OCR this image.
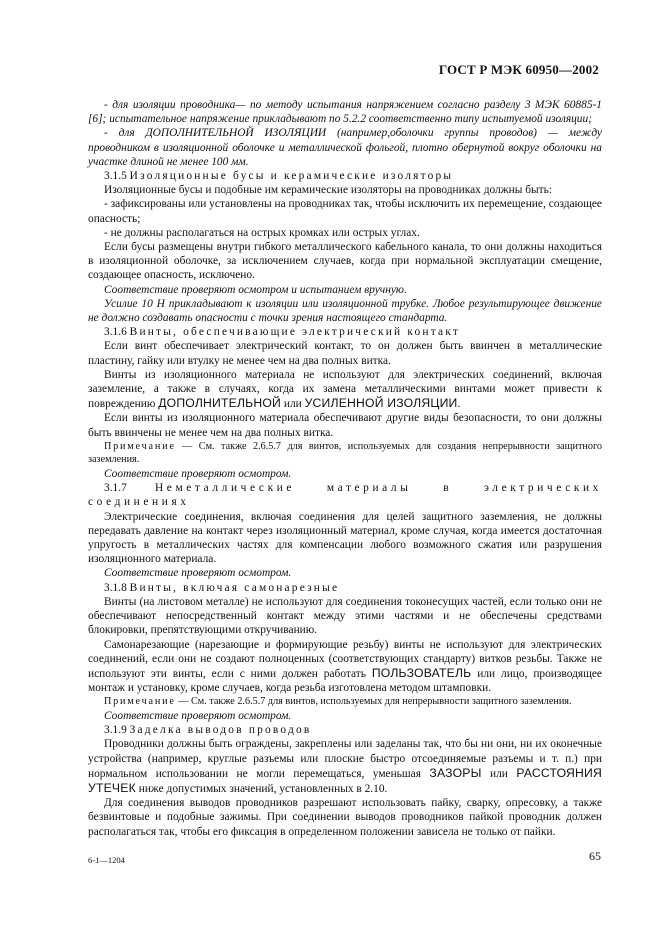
ГОСТ Р МЭК 60950—2002

- для изоляции проводника— по методу испытания напряжением согласно разделу 3 МЭК 60885-1 [6]; испытательное напряжение прикладывают по 5.2.2 соответственно типу испытуемой изоляции;

- для ДОПОЛНИТЕЛЬНОЙ ИЗОЛЯЦИИ (например,оболочки группы проводов) — между проводником в изоляционной оболочке и металлической фольгой, плотно обернутой вокруг оболочки на участке длиной не менее 100 мм.

3.1.5 Изоляционные бусы и керамические изоляторы

Изоляционные бусы и подобные им керамические изоляторы на проводниках должны быть:

- зафиксированы или установлены на проводниках так, чтобы исключить их перемещение, создающее опасность;

- не должны располагаться на острых кромках или острых углах.

Если бусы размещены внутри гибкого металлического кабельного канала, то они должны находиться в изоляционной оболочке, за исключением случаев, когда при нормальной эксплуатации смещение, создающее опасность, исключено.

Соответствие проверяют осмотром и испытанием вручную.

Усилие 10 Н прикладывают к изоляции или изоляционной трубке. Любое результирующее движение не должно создавать опасности с точки зрения настоящего стандарта.

3.1.6 Винты, обеспечивающие электрический контакт

Если винт обеспечивает электрический контакт, то он должен быть ввинчен в металлические пластину, гайку или втулку не менее чем на два полных витка.

Винты из изоляционного материала не используют для электрических соединений, включая заземление, а также в случаях, когда их замена металлическими винтами может привести к повреждению ДОПОЛНИТЕЛЬНОЙ или УСИЛЕННОЙ ИЗОЛЯЦИИ.

Если винты из изоляционного материала обеспечивают другие виды безопасности, то они должны быть ввинчены не менее чем на два полных витка.

Примечание — См. также 2.6.5.7 для винтов, используемых для создания непрерывности защитного заземления.

Соответствие проверяют осмотром.

3.1.7 Неметаллические материалы в электрических соединениях

Электрические соединения, включая соединения для целей защитного заземления, не должны передавать давление на контакт через изоляционный материал, кроме случая, когда имеется достаточная упругость в металлических частях для компенсации любого возможного сжатия или разрушения изоляционного материала.

Соответствие проверяют осмотром.

3.1.8 Винты, включая самонарезные

Винты (на листовом металле) не используют для соединения токонесущих частей, если только они не обеспечивают непосредственный контакт между этими частями и не обеспечены средствами блокировки, препятствующими откручиванию.

Самонарезающие (нарезающие и формирующие резьбу) винты не используют для электрических соединений, если они не создают полноценных (соответствующих стандарту) витков резьбы. Также не используют эти винты, если с ними должен работать ПОЛЬЗОВАТЕЛЬ или лицо, производящее монтаж и установку, кроме случаев, когда резьба изготовлена методом штамповки.

Примечание — См. также 2.6.5.7 для винтов, используемых для непрерывности защитного заземления.

Соответствие проверяют осмотром.

3.1.9 Заделка выводов проводов

Проводники должны быть ограждены, закреплены или заделаны так, что бы ни они, ни их оконечные устройства (например, круглые разъемы или плоские быстро отсоединяемые разъемы и т. п.) при нормальном использовании не могли перемещаться, уменьшая ЗАЗОРЫ или РАССТОЯНИЯ УТЕЧЕК ниже допустимых значений, установленных в 2.10.

Для соединения выводов проводников разрешают использовать пайку, сварку, опресовку, а также безвинтовые и подобные зажимы. При соединении выводов проводников пайкой проводник должен располагаться так, чтобы его фиксация в определенном положении зависела не только от пайки.

6-1—1204	65
